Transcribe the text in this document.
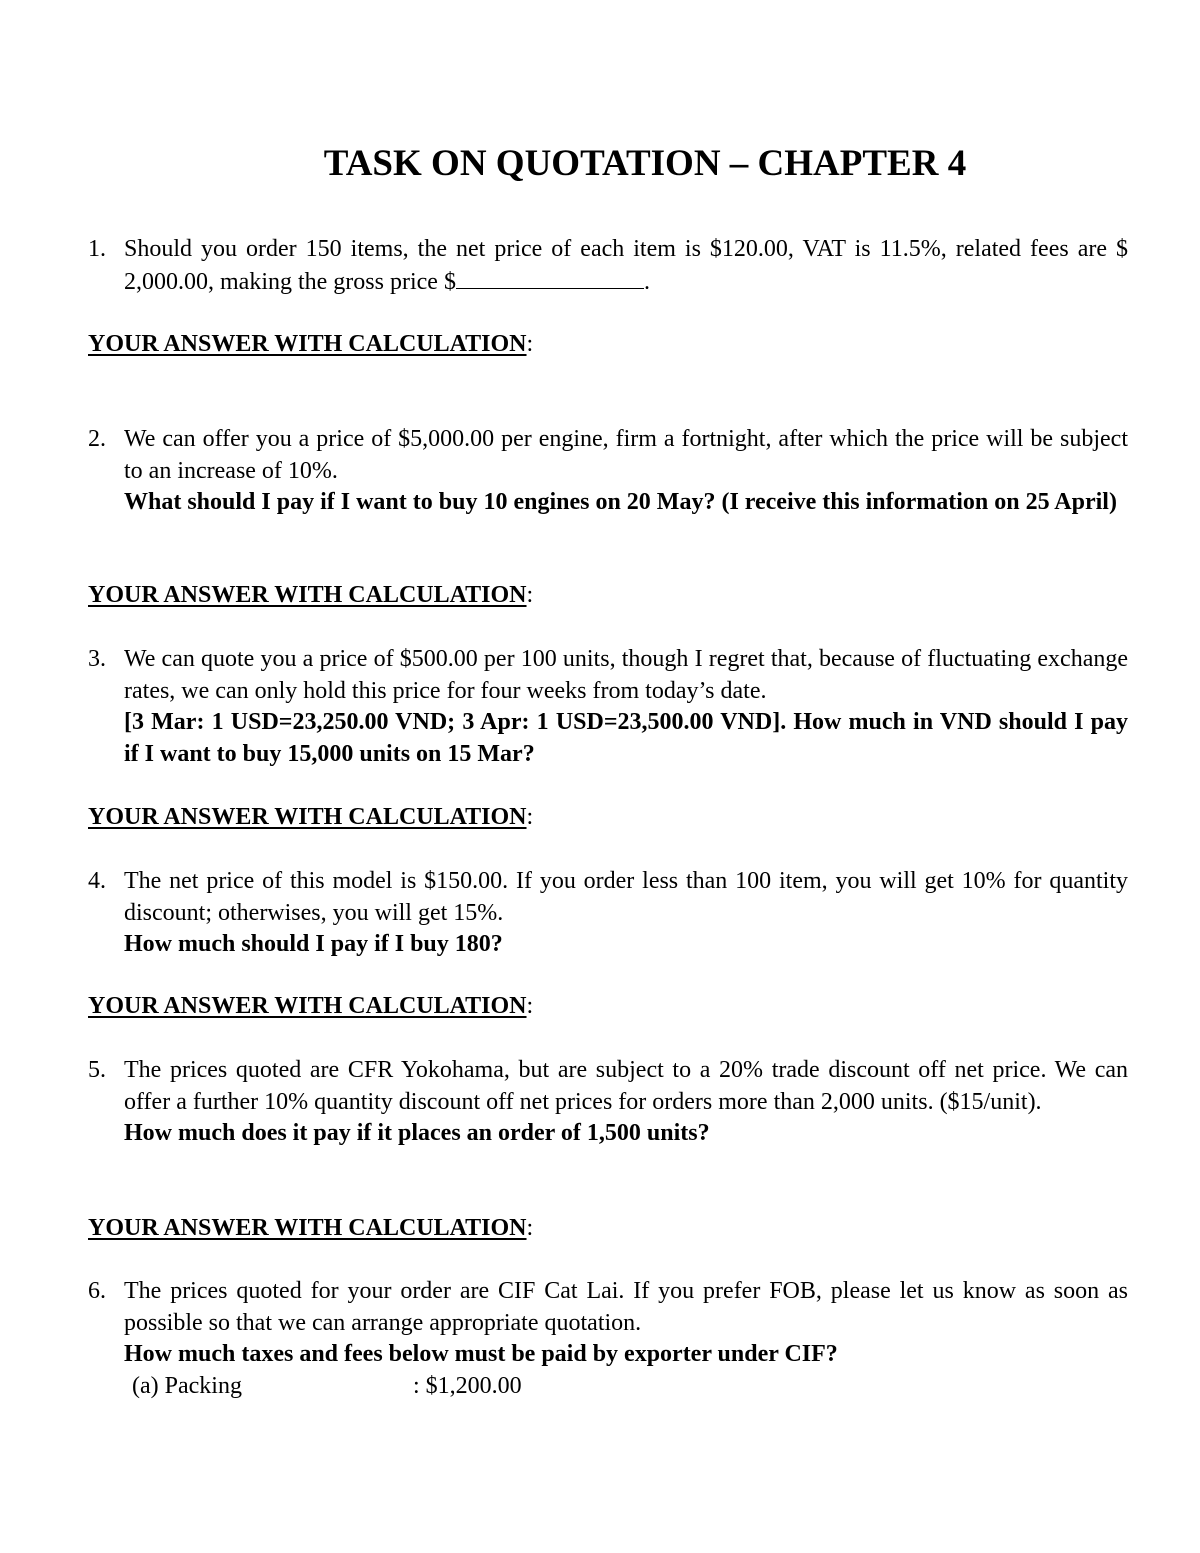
TASK ON QUOTATION – CHAPTER 4
1. Should you order 150 items, the net price of each item is $120.00, VAT is 11.5%, related fees are $ 2,000.00, making the gross price $	.

YOUR ANSWER WITH CALCULATION:
2. We can offer you a price of $5,000.00 per engine, firm a fortnight, after which the price will be subject to an increase of 10%.

What should I pay if I want to buy 10 engines on 20 May? (I receive this information on 25 April)

YOUR ANSWER WITH CALCULATION:
3. We can quote you a price of $500.00 per 100 units, though I regret that, because of fluctuating exchange rates, we can only hold this price for four weeks from today’s date.

[3 Mar: 1 USD=23,250.00 VND; 3 Apr: 1 USD=23,500.00 VND]. How much in VND should I pay if I want to buy 15,000 units on 15 Mar?

YOUR ANSWER WITH CALCULATION:
4. The net price of this model is $150.00. If you order less than 100 item, you will get 10% for quantity discount; otherwises, you will get 15%.

How much should I pay if I buy 180?

YOUR ANSWER WITH CALCULATION:
5. The prices quoted are CFR Yokohama, but are subject to a 20% trade discount off net price. We can offer a further 10% quantity discount off net prices for orders more than 2,000 units. ($15/unit).

How much does it pay if it places an order of 1,500 units?

YOUR ANSWER WITH CALCULATION:
6. The prices quoted for your order are CIF Cat Lai. If you prefer FOB, please let us know as soon as possible so that we can arrange appropriate quotation.

How much taxes and fees below must be paid by exporter under CIF?

(a) Packing	: $1,200.00
